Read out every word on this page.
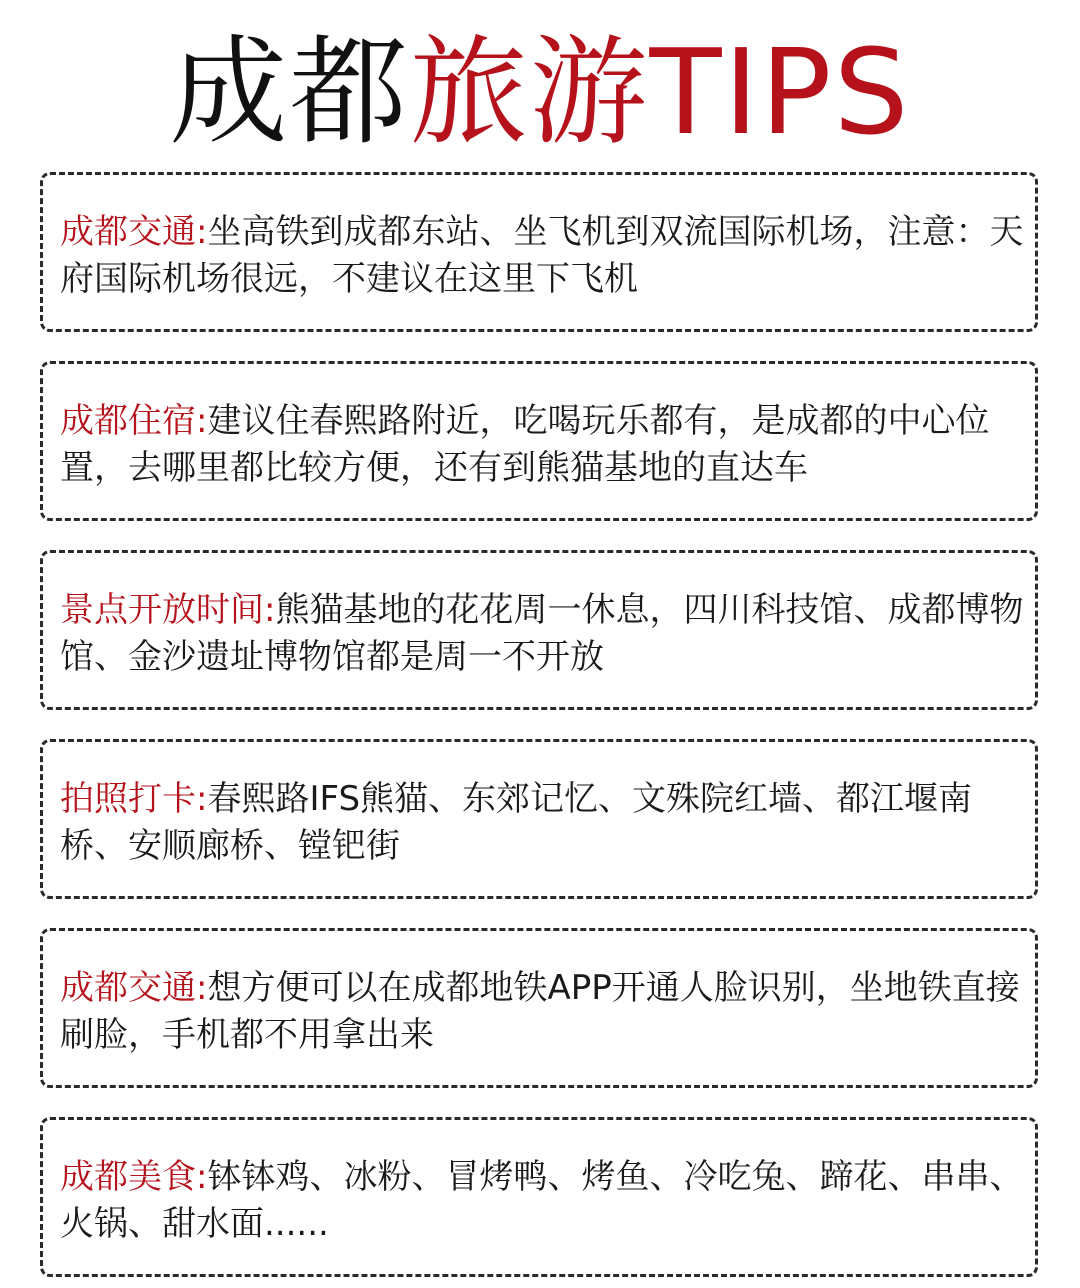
成都旅游TIPS
成都交通:坐高铁到成都东站、坐飞机到双流国际机场，注意：天府国际机场很远，不建议在这里下飞机
成都住宿:建议住春熙路附近，吃喝玩乐都有，是成都的中心位置，去哪里都比较方便，还有到熊猫基地的直达车
景点开放时间:熊猫基地的花花周一休息，四川科技馆、成都博物馆、金沙遗址博物馆都是周一不开放
拍照打卡:春熙路IFS熊猫、东郊记忆、文殊院红墙、都江堰南桥、安顺廊桥、镗钯街
成都交通:想方便可以在成都地铁APP开通人脸识别，坐地铁直接刷脸，手机都不用拿出来
成都美食:钵钵鸡、冰粉、冒烤鸭、烤鱼、冷吃兔、蹄花、串串、火锅、甜水面......
